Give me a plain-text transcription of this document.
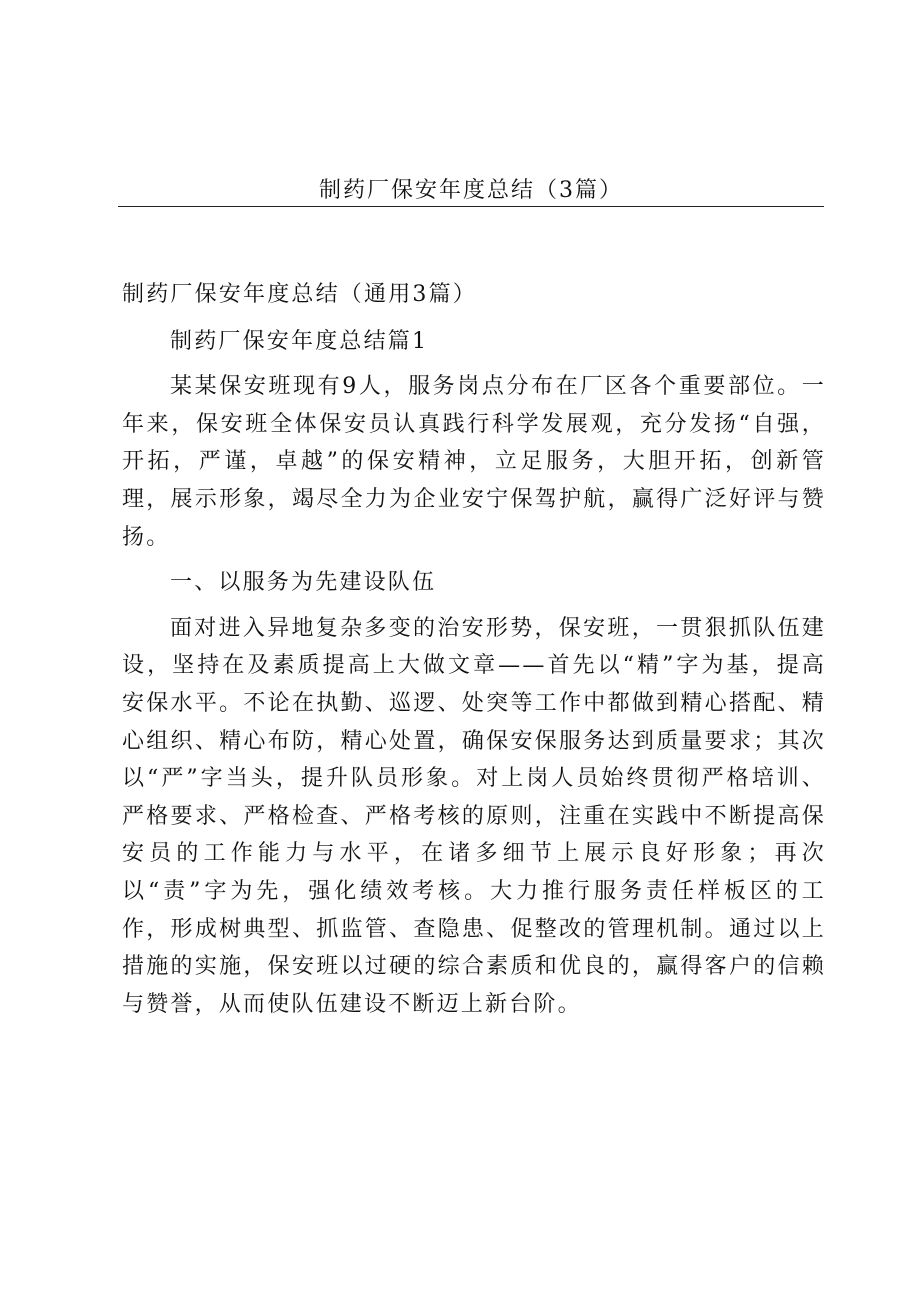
制药厂保安年度总结（3篇）

制药厂保安年度总结（通用3篇）

制药厂保安年度总结篇1

某某保安班现有9人，服务岗点分布在厂区各个重要部位。一年来，保安班全体保安员认真践行科学发展观，充分发扬“自强，开拓，严谨，卓越”的保安精神，立足服务，大胆开拓，创新管理，展示形象，竭尽全力为企业安宁保驾护航，赢得广泛好评与赞扬。

一、以服务为先建设队伍

面对进入异地复杂多变的治安形势，保安班，一贯狠抓队伍建设，坚持在及素质提高上大做文章——首先以“精”字为基，提高安保水平。不论在执勤、巡逻、处突等工作中都做到精心搭配、精心组织、精心布防，精心处置，确保安保服务达到质量要求；其次以“严”字当头，提升队员形象。对上岗人员始终贯彻严格培训、严格要求、严格检查、严格考核的原则，注重在实践中不断提高保安员的工作能力与水平，在诸多细节上展示良好形象；再次以“责”字为先，强化绩效考核。大力推行服务责任样板区的工作，形成树典型、抓监管、查隐患、促整改的管理机制。通过以上措施的实施，保安班以过硬的综合素质和优良的，赢得客户的信赖与赞誉，从而使队伍建设不断迈上新台阶。
